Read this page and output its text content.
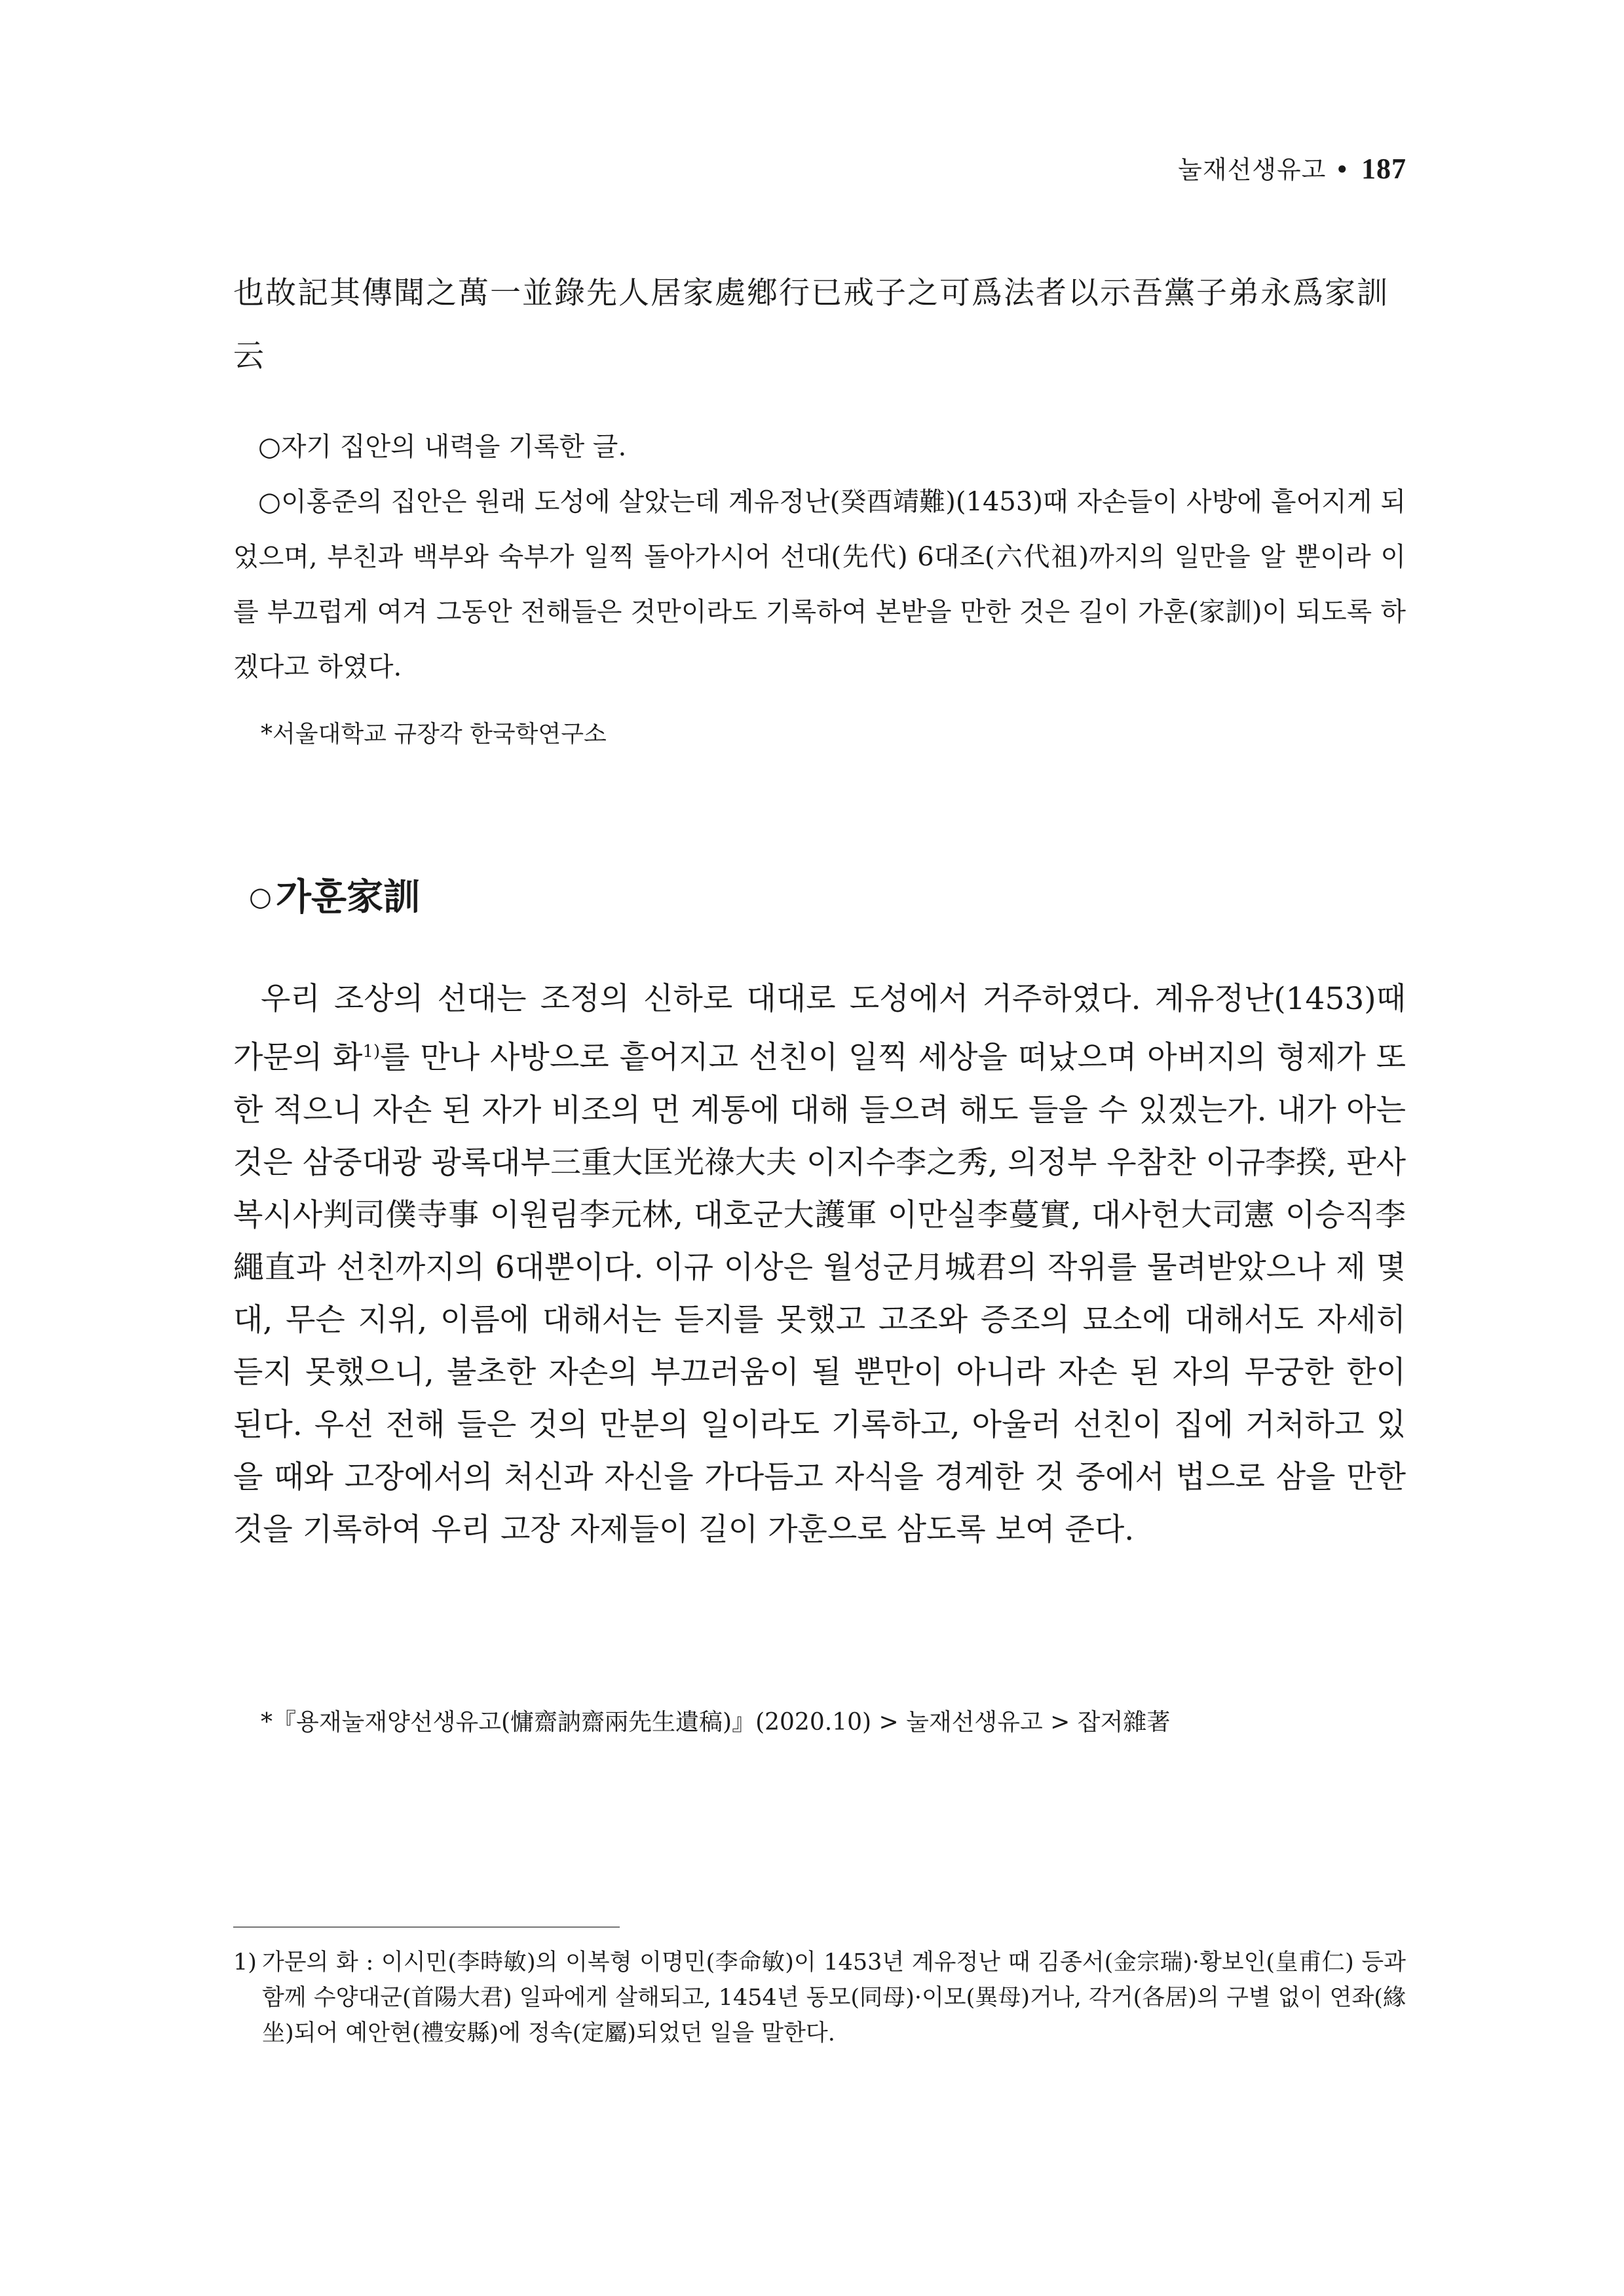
눌재선생유고 • 187
也故記其傳聞之萬一並錄先人居家處鄕行已戒子之可爲法者以示吾黨子弟永爲家訓云

○자기 집안의 내력을 기록한 글.

○이홍준의 집안은 원래 도성에 살았는데 계유정난(癸酉靖難)(1453)때 자손들이 사방에 흩어지게 되었으며, 부친과 백부와 숙부가 일찍 돌아가시어 선대(先代) 6대조(六代祖)까지의 일만을 알 뿐이라 이를 부끄럽게 여겨 그동안 전해들은 것만이라도 기록하여 본받을 만한 것은 길이 가훈(家訓)이 되도록 하겠다고 하였다.

*서울대학교 규장각 한국학연구소
○ 가훈家訓

우리 조상의 선대는 조정의 신하로 대대로 도성에서 거주하였다. 계유정난(1453)때 가문의 화$^{1)}$를 만나 사방으로 흩어지고 선친이 일찍 세상을 떠났으며 아버지의 형제가 또한 적으니 자손 된 자가 비조의 먼 계통에 대해 들으려 해도 들을 수 있겠는가. 내가 아는 것은 삼중대광 광록대부三重大匡光祿大夫 이지수李之秀, 의정부 우참찬 이규李揆, 판사복시사判司僕寺事 이원림李元林, 대호군大護軍 이만실李蔓實, 대사헌大司憲 이승직李繩直과 선친까지의 6대뿐이다. 이규 이상은 월성군月城君의 작위를 물려받았으나 제 몇 대, 무슨 지위, 이름에 대해서는 듣지를 못했고 고조와 증조의 묘소에 대해서도 자세히 듣지 못했으니, 불초한 자손의 부끄러움이 될 뿐만이 아니라 자손 된 자의 무궁한 한이 된다. 우선 전해 들은 것의 만분의 일이라도 기록하고, 아울러 선친이 집에 거처하고 있을 때와 고장에서의 처신과 자신을 가다듬고 자식을 경계한 것 중에서 법으로 삼을 만한 것을 기록하여 우리 고장 자제들이 길이 가훈으로 삼도록 보여 준다.

*『용재눌재양선생유고(慵齋訥齋兩先生遺稿)』(2020.10) > 눌재선생유고 > 잡저雜著
1) 가문의 화 : 이시민(李時敏)의 이복형 이명민(李命敏)이 1453년 계유정난 때 김종서(金宗瑞)·황보인(皇甫仁) 등과 함께 수양대군(首陽大君) 일파에게 살해되고, 1454년 동모(同母)·이모(異母)거나, 각거(各居)의 구별 없이 연좌(緣坐)되어 예안현(禮安縣)에 정속(定屬)되었던 일을 말한다.
